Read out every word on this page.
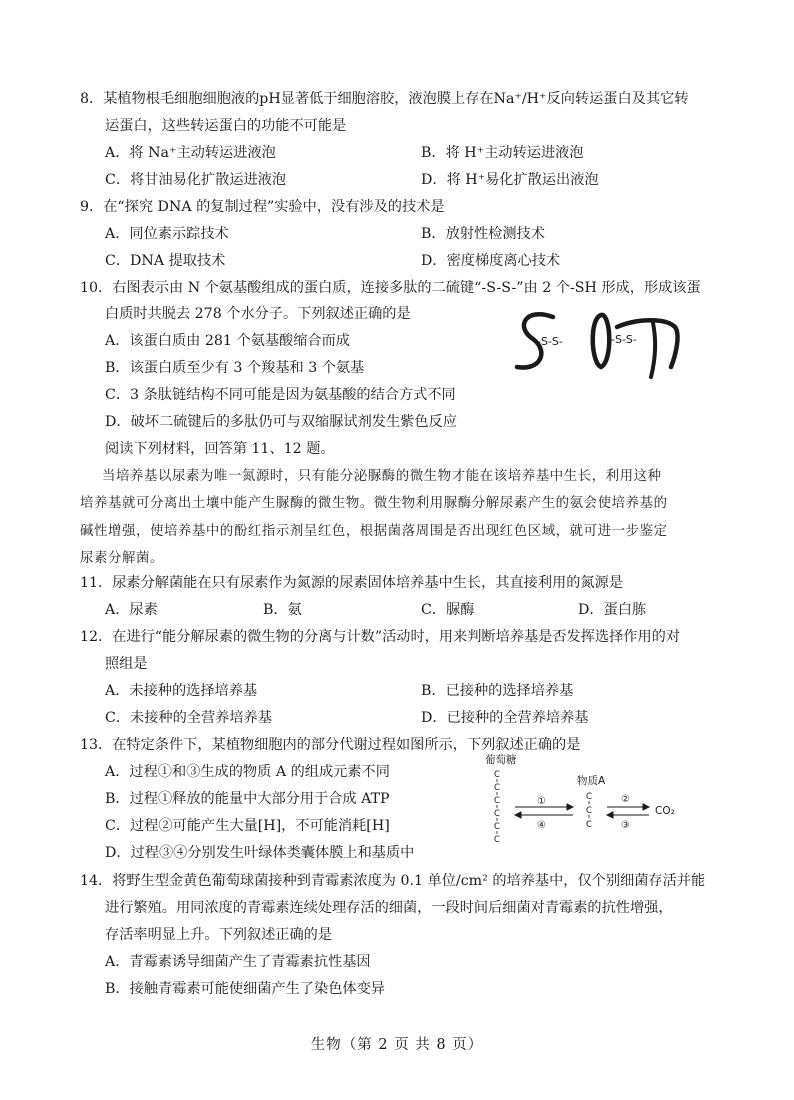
8．某植物根毛细胞细胞液的pH显著低于细胞溶胶，液泡膜上存在Na⁺/H⁺反向转运蛋白及其它转
运蛋白，这些转运蛋白的功能不可能是
A．将 Na⁺主动转运进液泡	B．将 H⁺主动转运进液泡
C．将甘油易化扩散运进液泡	D．将 H⁺易化扩散运出液泡
9．在“探究 DNA 的复制过程”实验中，没有涉及的技术是
A．同位素示踪技术	B．放射性检测技术
C．DNA 提取技术	D．密度梯度离心技术
10．右图表示由 N 个氨基酸组成的蛋白质，连接多肽的二硫键“-S-S-”由 2 个-SH 形成，形成该蛋
白质时共脱去 278 个水分子。下列叙述正确的是
A．该蛋白质由 281 个氨基酸缩合而成
B．该蛋白质至少有 3 个羧基和 3 个氨基
C．3 条肽链结构不同可能是因为氨基酸的结合方式不同
D．破坏二硫键后的多肽仍可与双缩脲试剂发生紫色反应
-S-S-	-S-S-
阅读下列材料，回答第 11、12 题。
当培养基以尿素为唯一氮源时，只有能分泌脲酶的微生物才能在该培养基中生长，利用这种
培养基就可分离出土壤中能产生脲酶的微生物。微生物利用脲酶分解尿素产生的氨会使培养基的
碱性增强，使培养基中的酚红指示剂呈红色，根据菌落周围是否出现红色区域，就可进一步鉴定
尿素分解菌。
11．尿素分解菌能在只有尿素作为氮源的尿素固体培养基中生长，其直接利用的氮源是
A．尿素	B．氨	C．脲酶	D．蛋白胨
12．在进行“能分解尿素的微生物的分离与计数”活动时，用来判断培养基是否发挥选择作用的对
照组是
A．未接种的选择培养基	B．已接种的选择培养基
C．未接种的全营养培养基	D．已接种的全营养培养基
13．在特定条件下，某植物细胞内的部分代谢过程如图所示，下列叙述正确的是
A．过程①和③生成的物质 A 的组成元素不同
B．过程①释放的能量中大部分用于合成 ATP
C．过程②可能产生大量[H]，不可能消耗[H]
D．过程③④分别发生叶绿体类囊体膜上和基质中
葡萄糖
C
C
C
C
C
C
①
④
物质A
C
C
C
②
③
CO₂
14．将野生型金黄色葡萄球菌接种到青霉素浓度为 0.1 单位/cm² 的培养基中，仅个别细菌存活并能
进行繁殖。用同浓度的青霉素连续处理存活的细菌，一段时间后细菌对青霉素的抗性增强，
存活率明显上升。下列叙述正确的是
A．青霉素诱导细菌产生了青霉素抗性基因
B．接触青霉素可能使细菌产生了染色体变异
生物（第 2 页 共 8 页）
